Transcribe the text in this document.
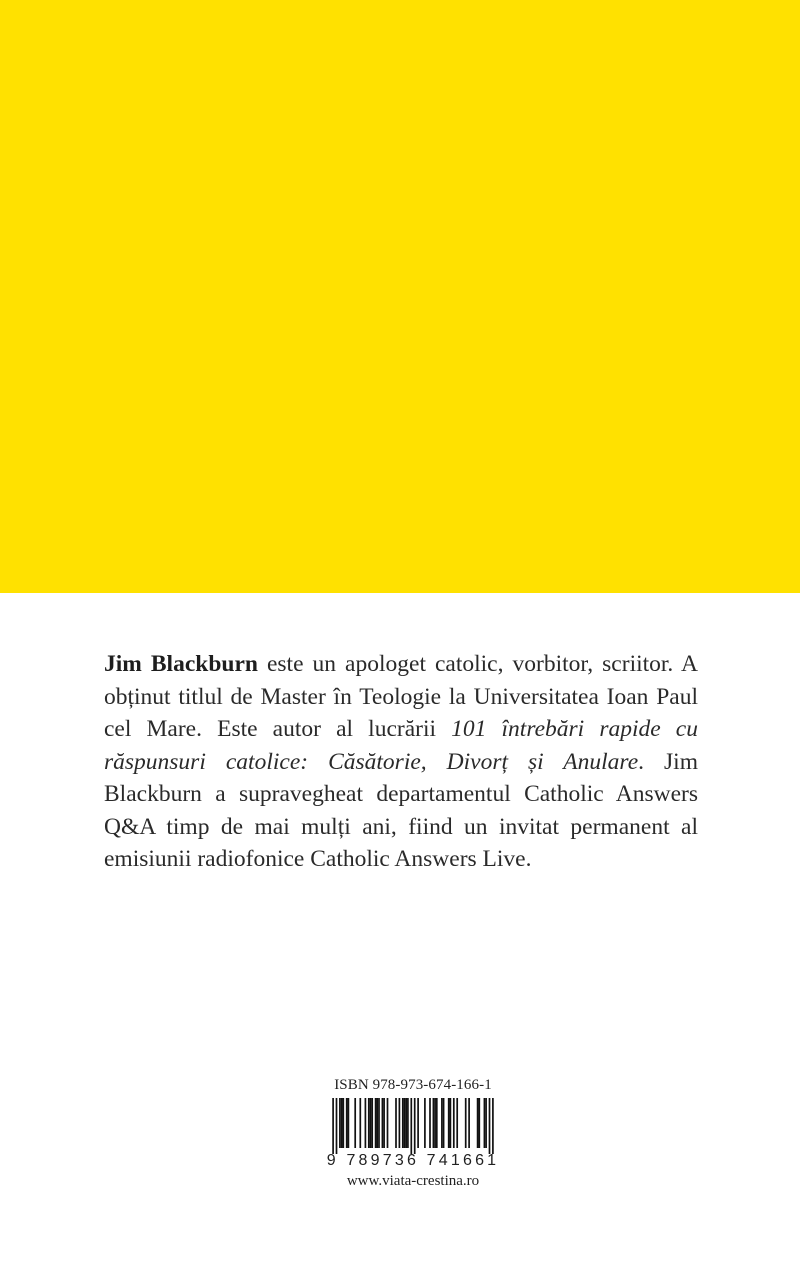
Jim Blackburn este un apologet catolic, vorbitor, scriitor. A obținut titlul de Master în Teologie la Universitatea Ioan Paul cel Mare. Este autor al lucrării 101 întrebări rapide cu răspunsuri catolice: Căsătorie, Divorț și Anulare. Jim Blackburn a supravegheat departamentul Catholic Answers Q&A timp de mai mulți ani, fiind un invitat permanent al emisiunii radiofonice Catholic Answers Live.

ISBN 978-973-674-166-1
9 789736 741661
www.viata-crestina.ro
